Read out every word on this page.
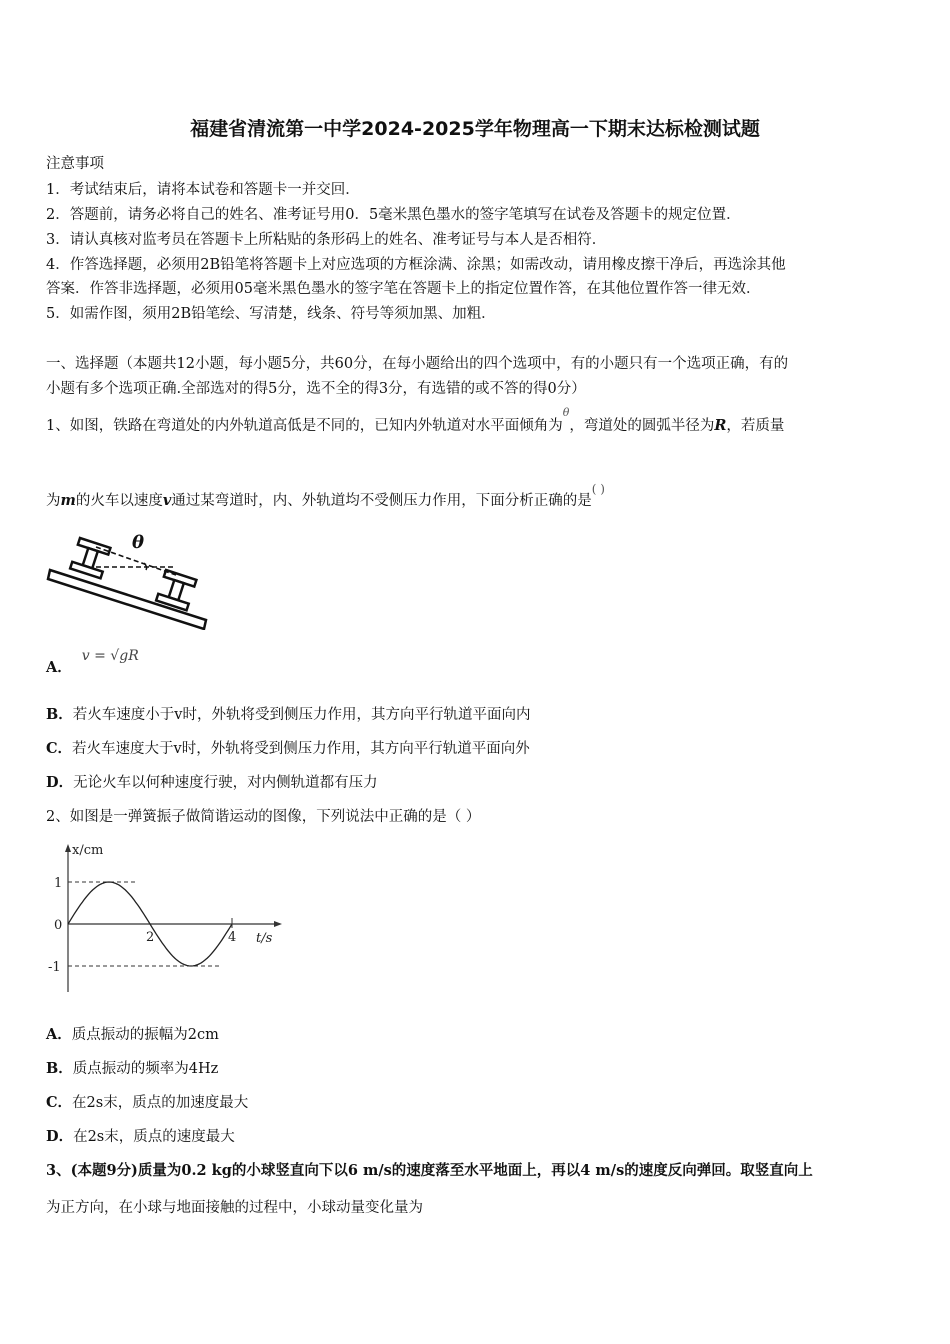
福建省清流第一中学2024-2025学年物理高一下期末达标检测试题
注意事项
1．考试结束后，请将本试卷和答题卡一并交回．
2．答题前，请务必将自己的姓名、准考证号用0．5毫米黑色墨水的签字笔填写在试卷及答题卡的规定位置．
3．请认真核对监考员在答题卡上所粘贴的条形码上的姓名、准考证号与本人是否相符．
4．作答选择题，必须用2B铅笔将答题卡上对应选项的方框涂满、涂黑；如需改动，请用橡皮擦干净后，再选涂其他
答案．作答非选择题，必须用05毫米黑色墨水的签字笔在答题卡上的指定位置作答，在其他位置作答一律无效．
5．如需作图，须用2B铅笔绘、写清楚，线条、符号等须加黑、加粗．
一、选择题（本题共12小题，每小题5分，共60分，在每小题给出的四个选项中，有的小题只有一个选项正确，有的
小题有多个选项正确.全部选对的得5分，选不全的得3分，有选错的或不答的得0分）
1、如图，铁路在弯道处的内外轨道高低是不同的，已知内外轨道对水平面倾角为$^\theta$，弯道处的圆弧半径为R，若质量
为m的火车以速度v通过某弯道时，内、外轨道均不受侧压力作用，下面分析正确的是( )
θ
A．v = √gR
B．若火车速度小于v时，外轨将受到侧压力作用，其方向平行轨道平面向内
C．若火车速度大于v时，外轨将受到侧压力作用，其方向平行轨道平面向外
D．无论火车以何种速度行驶，对内侧轨道都有压力
2、如图是一弹簧振子做简谐运动的图像，下列说法中正确的是（ ）
x/cm
t/s
1
0
-1
2	4
A．质点振动的振幅为2cm
B．质点振动的频率为4Hz
C．在2s末，质点的加速度最大
D．在2s末，质点的速度最大
3、(本题9分)质量为0.2 kg的小球竖直向下以6 m/s的速度落至水平地面上，再以4 m/s的速度反向弹回。取竖直向上
为正方向，在小球与地面接触的过程中，小球动量变化量为
